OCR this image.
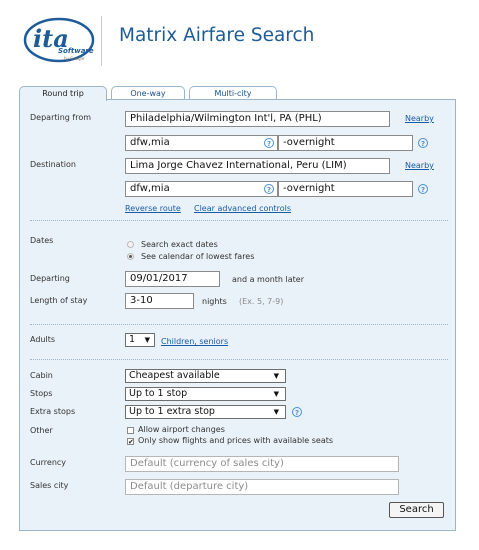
ita
Software
by Google
Matrix Airfare Search
Round trip	One-way	Multi-city
Departing from	Philadelphia/Wilmington Int'l, PA (PHL)	Nearby
dfw,mia	?	-overnight	?
Destination	Lima Jorge Chavez International, Peru (LIM)	Nearby
dfw,mia	?	-overnight	?
Reverse route Clear advanced controls
Dates	Search exact dates
See calendar of lowest fares
Departing	09/01/2017	and a month later
Length of stay	3-10	nights (Ex. 5, 7-9)
Adults	1 ▼ Children, seniors
Cabin	Cheapest available	▼
Stops	Up to 1 stop	▼
Extra stops	Up to 1 extra stop	▼	?
Other	Allow airport changes
✔ Only show flights and prices with available seats
Currency	Default (currency of sales city)
Sales city	Default (departure city)
Search
